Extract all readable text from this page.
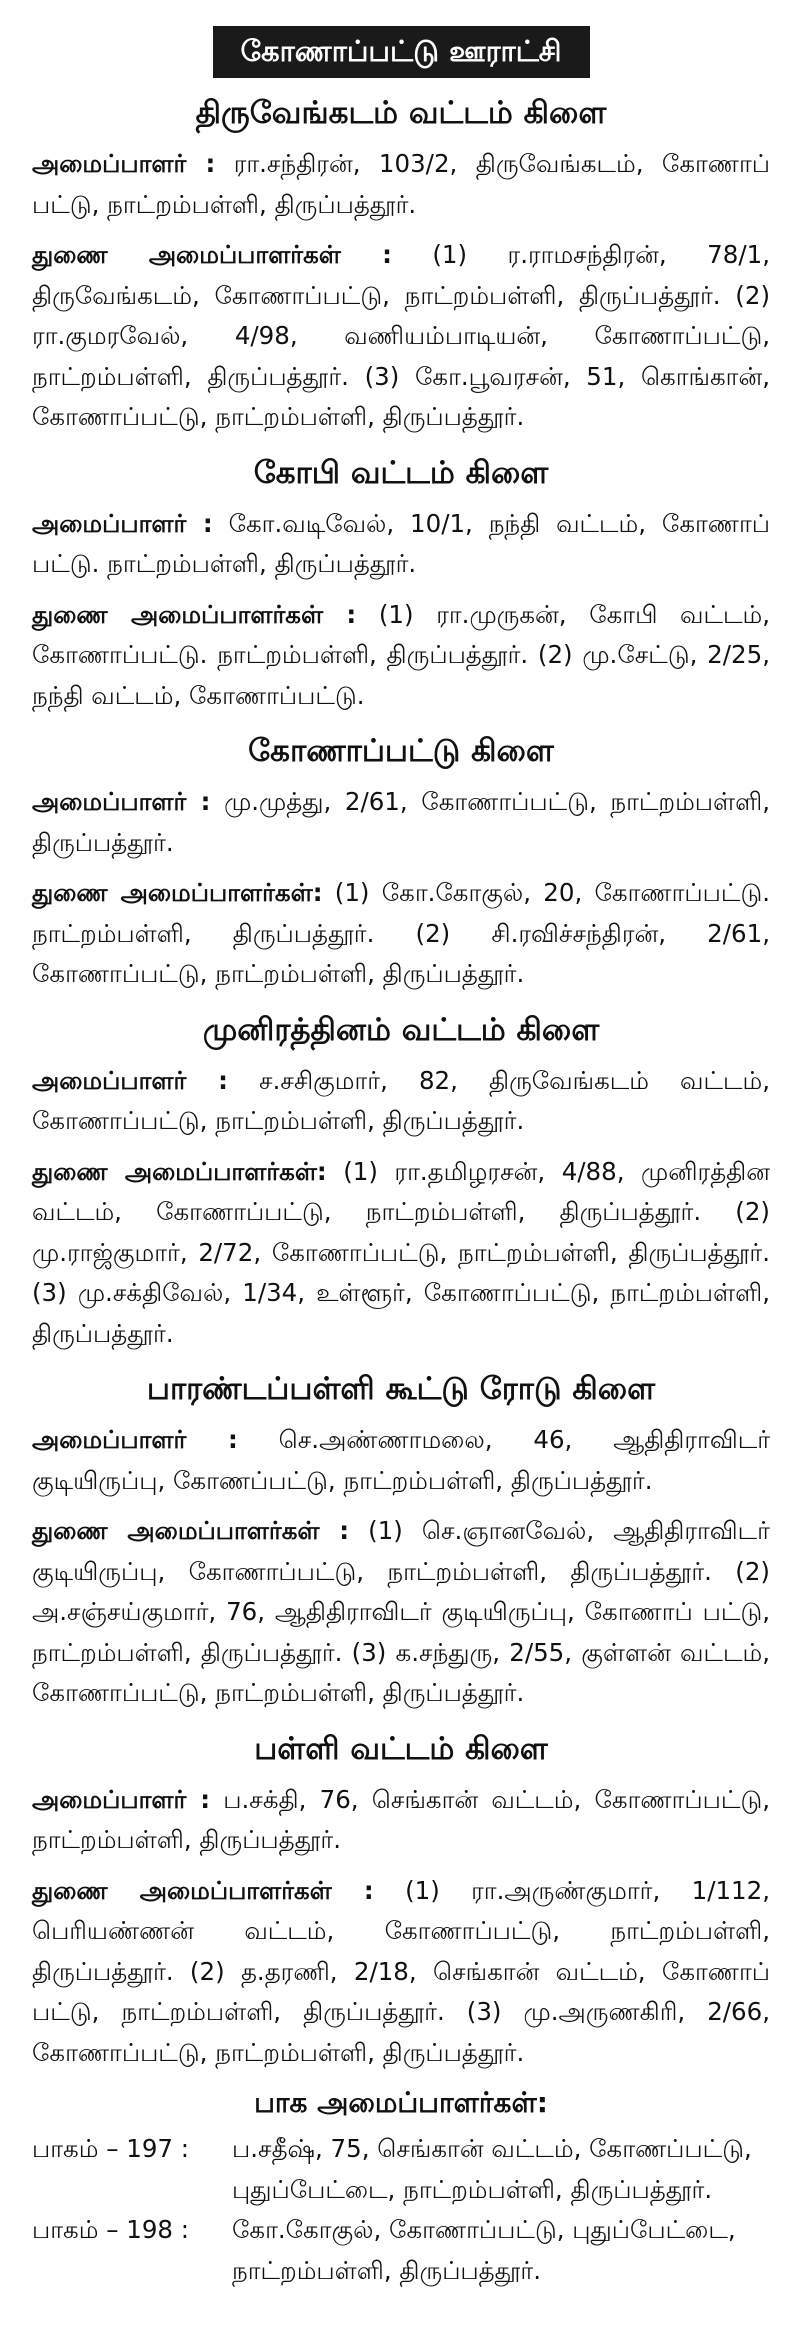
கோணாப்பட்டு ஊராட்சி
திருவேங்கடம் வட்டம் கிளை

அமைப்பாளர் : ரா.சந்திரன், 103/2, திருவேங்கடம், கோணாப் பட்டு, நாட்றம்பள்ளி, திருப்பத்தூர்.

துணை அமைப்பாளர்கள் : (1) ர.ராமசந்திரன், 78/1, திருவேங்கடம், கோணாப்பட்டு, நாட்றம்பள்ளி, திருப்பத்தூர். (2) ரா.குமரவேல், 4/98, வணியம்பாடியன், கோணாப்பட்டு, நாட்றம்பள்ளி, திருப்பத்தூர். (3) கோ.பூவரசன், 51, கொங்கான், கோணாப்பட்டு, நாட்றம்பள்ளி, திருப்பத்தூர்.

கோபி வட்டம் கிளை

அமைப்பாளர் : கோ.வடிவேல், 10/1, நந்தி வட்டம், கோணாப் பட்டு. நாட்றம்பள்ளி, திருப்பத்தூர்.

துணை அமைப்பாளர்கள் : (1) ரா.முருகன், கோபி வட்டம், கோணாப்பட்டு. நாட்றம்பள்ளி, திருப்பத்தூர். (2) மு.சேட்டு, 2/25, நந்தி வட்டம், கோணாப்பட்டு.

கோணாப்பட்டு கிளை

அமைப்பாளர் : மு.முத்து, 2/61, கோணாப்பட்டு, நாட்றம்பள்ளி, திருப்பத்தூர்.

துணை அமைப்பாளர்கள்: (1) கோ.கோகுல், 20, கோணாப்பட்டு. நாட்றம்பள்ளி, திருப்பத்தூர். (2) சி.ரவிச்சந்திரன், 2/61, கோணாப்பட்டு, நாட்றம்பள்ளி, திருப்பத்தூர்.

முனிரத்தினம் வட்டம் கிளை

அமைப்பாளர் : ச.சசிகுமார், 82, திருவேங்கடம் வட்டம், கோணாப்பட்டு, நாட்றம்பள்ளி, திருப்பத்தூர்.

துணை அமைப்பாளர்கள்: (1) ரா.தமிழரசன், 4/88, முனிரத்தின வட்டம், கோணாப்பட்டு, நாட்றம்பள்ளி, திருப்பத்தூர். (2) மு.ராஜ்குமார், 2/72, கோணாப்பட்டு, நாட்றம்பள்ளி, திருப்பத்தூர். (3) மு.சக்திவேல், 1/34, உள்ளூர், கோணாப்பட்டு, நாட்றம்பள்ளி, திருப்பத்தூர்.

பாரண்டப்பள்ளி கூட்டு ரோடு கிளை

அமைப்பாளர் : செ.அண்ணாமலை, 46, ஆதிதிராவிடர் குடியிருப்பு, கோணப்பட்டு, நாட்றம்பள்ளி, திருப்பத்தூர்.

துணை அமைப்பாளர்கள் : (1) செ.ஞானவேல், ஆதிதிராவிடர் குடியிருப்பு, கோணாப்பட்டு, நாட்றம்பள்ளி, திருப்பத்தூர். (2) அ.சஞ்சய்குமார், 76, ஆதிதிராவிடர் குடியிருப்பு, கோணாப் பட்டு, நாட்றம்பள்ளி, திருப்பத்தூர். (3) க.சந்துரு, 2/55, குள்ளன் வட்டம், கோணாப்பட்டு, நாட்றம்பள்ளி, திருப்பத்தூர்.

பள்ளி வட்டம் கிளை

அமைப்பாளர் : ப.சக்தி, 76, செங்கான் வட்டம், கோணாப்பட்டு, நாட்றம்பள்ளி, திருப்பத்தூர்.

துணை அமைப்பாளர்கள் : (1) ரா.அருண்குமார், 1/112, பெரியண்ணன் வட்டம், கோணாப்பட்டு, நாட்றம்பள்ளி, திருப்பத்தூர். (2) த.தரணி, 2/18, செங்கான் வட்டம், கோணாப் பட்டு, நாட்றம்பள்ளி, திருப்பத்தூர். (3) மு.அருணகிரி, 2/66, கோணாப்பட்டு, நாட்றம்பள்ளி, திருப்பத்தூர்.

பாக அமைப்பாளர்கள்:
பாகம் – 197 :	ப.சதீஷ், 75, செங்கான் வட்டம், கோணப்பட்டு, புதுப்பேட்டை, நாட்றம்பள்ளி, திருப்பத்தூர்.
பாகம் – 198 :	கோ.கோகுல், கோணாப்பட்டு, புதுப்பேட்டை, நாட்றம்பள்ளி, திருப்பத்தூர்.
